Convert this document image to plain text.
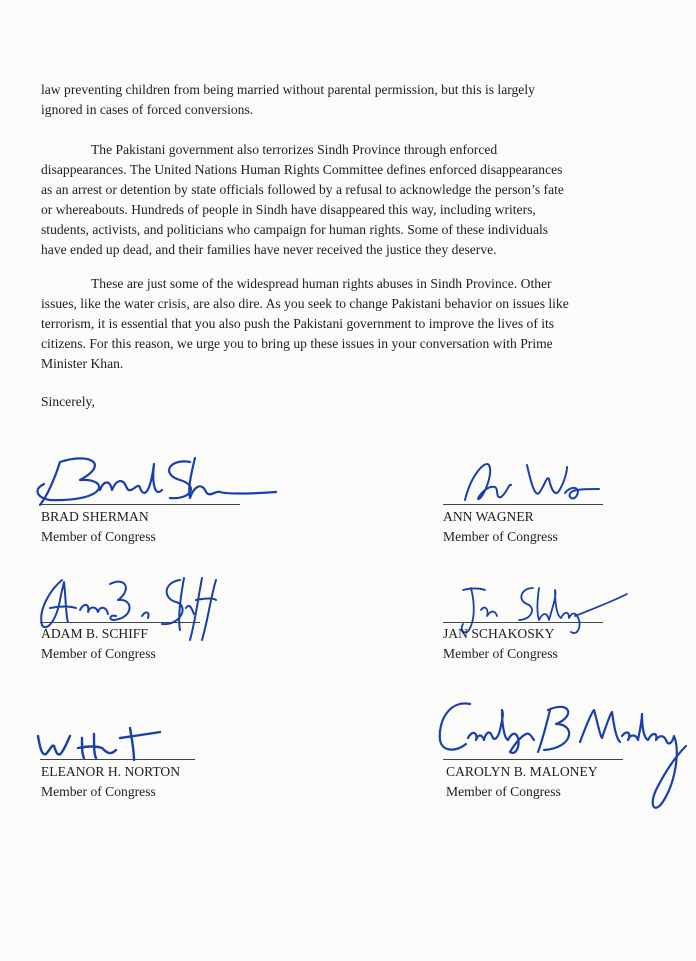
law preventing children from being married without parental permission, but this is largely
ignored in cases of forced conversions.

The Pakistani government also terrorizes Sindh Province through enforced
disappearances. The United Nations Human Rights Committee defines enforced disappearances
as an arrest or detention by state officials followed by a refusal to acknowledge the person’s fate
or whereabouts. Hundreds of people in Sindh have disappeared this way, including writers,
students, activists, and politicians who campaign for human rights. Some of these individuals
have ended up dead, and their families have never received the justice they deserve.

These are just some of the widespread human rights abuses in Sindh Province. Other
issues, like the water crisis, are also dire. As you seek to change Pakistani behavior on issues like
terrorism, it is essential that you also push the Pakistani government to improve the lives of its
citizens. For this reason, we urge you to bring up these issues in your conversation with Prime
Minister Khan.

Sincerely,

BRAD SHERMAN
Member of Congress
ANN WAGNER
Member of Congress
ADAM B. SCHIFF
Member of Congress
JAN SCHAKOSKY
Member of Congress
ELEANOR H. NORTON
Member of Congress
CAROLYN B. MALONEY
Member of Congress
